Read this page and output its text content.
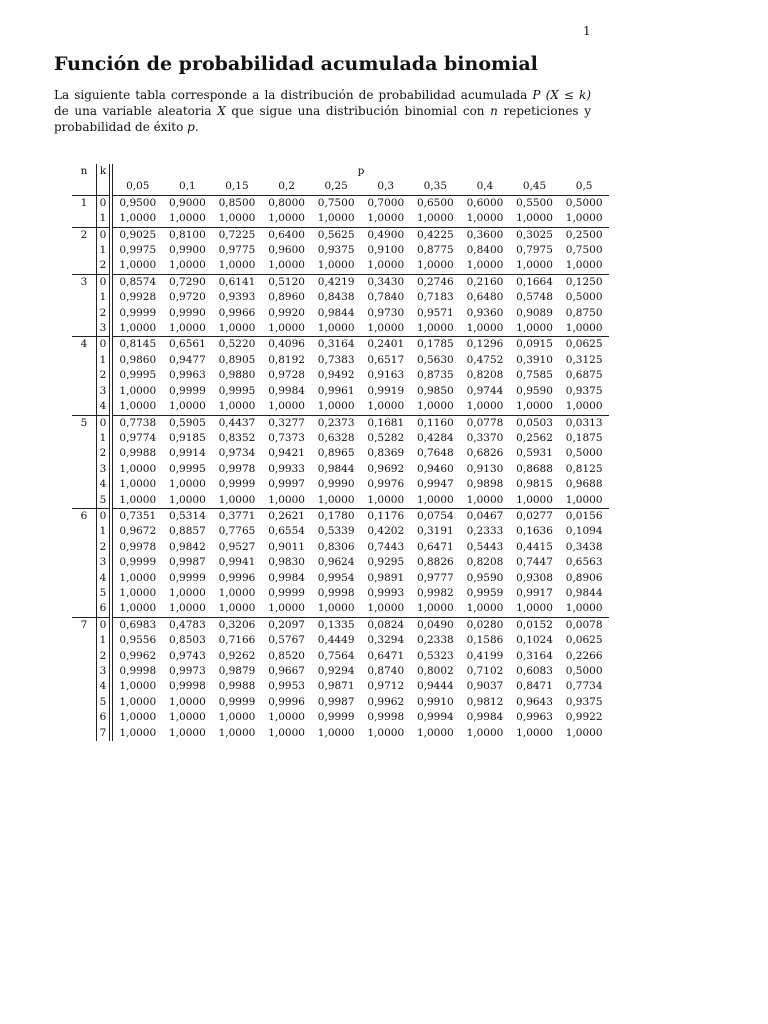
1
Función de probabilidad acumulada binomial

La siguiente tabla corresponde a la distribución de probabilidad acumulada P (X ≤ k) de una variable aleatoria X que sigue una distribución binomial con n repeticiones y probabilidad de éxito p.

n	k	p									
		0,05	0,1	0,15	0,2	0,25	0,3	0,35	0,4	0,45	0,5
1	0	0,9500	0,9000	0,8500	0,8000	0,7500	0,7000	0,6500	0,6000	0,5500	0,5000
	1	1,0000	1,0000	1,0000	1,0000	1,0000	1,0000	1,0000	1,0000	1,0000	1,0000
2	0	0,9025	0,8100	0,7225	0,6400	0,5625	0,4900	0,4225	0,3600	0,3025	0,2500
	1	0,9975	0,9900	0,9775	0,9600	0,9375	0,9100	0,8775	0,8400	0,7975	0,7500
	2	1,0000	1,0000	1,0000	1,0000	1,0000	1,0000	1,0000	1,0000	1,0000	1,0000
3	0	0,8574	0,7290	0,6141	0,5120	0,4219	0,3430	0,2746	0,2160	0,1664	0,1250
	1	0,9928	0,9720	0,9393	0,8960	0,8438	0,7840	0,7183	0,6480	0,5748	0,5000
	2	0,9999	0,9990	0,9966	0,9920	0,9844	0,9730	0,9571	0,9360	0,9089	0,8750
	3	1,0000	1,0000	1,0000	1,0000	1,0000	1,0000	1,0000	1,0000	1,0000	1,0000
4	0	0,8145	0,6561	0,5220	0,4096	0,3164	0,2401	0,1785	0,1296	0,0915	0,0625
	1	0,9860	0,9477	0,8905	0,8192	0,7383	0,6517	0,5630	0,4752	0,3910	0,3125
	2	0,9995	0,9963	0,9880	0,9728	0,9492	0,9163	0,8735	0,8208	0,7585	0,6875
	3	1,0000	0,9999	0,9995	0,9984	0,9961	0,9919	0,9850	0,9744	0,9590	0,9375
	4	1,0000	1,0000	1,0000	1,0000	1,0000	1,0000	1,0000	1,0000	1,0000	1,0000
5	0	0,7738	0,5905	0,4437	0,3277	0,2373	0,1681	0,1160	0,0778	0,0503	0,0313
	1	0,9774	0,9185	0,8352	0,7373	0,6328	0,5282	0,4284	0,3370	0,2562	0,1875
	2	0,9988	0,9914	0,9734	0,9421	0,8965	0,8369	0,7648	0,6826	0,5931	0,5000
	3	1,0000	0,9995	0,9978	0,9933	0,9844	0,9692	0,9460	0,9130	0,8688	0,8125
	4	1,0000	1,0000	0,9999	0,9997	0,9990	0,9976	0,9947	0,9898	0,9815	0,9688
	5	1,0000	1,0000	1,0000	1,0000	1,0000	1,0000	1,0000	1,0000	1,0000	1,0000
6	0	0,7351	0,5314	0,3771	0,2621	0,1780	0,1176	0,0754	0,0467	0,0277	0,0156
	1	0,9672	0,8857	0,7765	0,6554	0,5339	0,4202	0,3191	0,2333	0,1636	0,1094
	2	0,9978	0,9842	0,9527	0,9011	0,8306	0,7443	0,6471	0,5443	0,4415	0,3438
	3	0,9999	0,9987	0,9941	0,9830	0,9624	0,9295	0,8826	0,8208	0,7447	0,6563
	4	1,0000	0,9999	0,9996	0,9984	0,9954	0,9891	0,9777	0,9590	0,9308	0,8906
	5	1,0000	1,0000	1,0000	0,9999	0,9998	0,9993	0,9982	0,9959	0,9917	0,9844
	6	1,0000	1,0000	1,0000	1,0000	1,0000	1,0000	1,0000	1,0000	1,0000	1,0000
7	0	0,6983	0,4783	0,3206	0,2097	0,1335	0,0824	0,0490	0,0280	0,0152	0,0078
	1	0,9556	0,8503	0,7166	0,5767	0,4449	0,3294	0,2338	0,1586	0,1024	0,0625
	2	0,9962	0,9743	0,9262	0,8520	0,7564	0,6471	0,5323	0,4199	0,3164	0,2266
	3	0,9998	0,9973	0,9879	0,9667	0,9294	0,8740	0,8002	0,7102	0,6083	0,5000
	4	1,0000	0,9998	0,9988	0,9953	0,9871	0,9712	0,9444	0,9037	0,8471	0,7734
	5	1,0000	1,0000	0,9999	0,9996	0,9987	0,9962	0,9910	0,9812	0,9643	0,9375
	6	1,0000	1,0000	1,0000	1,0000	0,9999	0,9998	0,9994	0,9984	0,9963	0,9922
	7	1,0000	1,0000	1,0000	1,0000	1,0000	1,0000	1,0000	1,0000	1,0000	1,0000
